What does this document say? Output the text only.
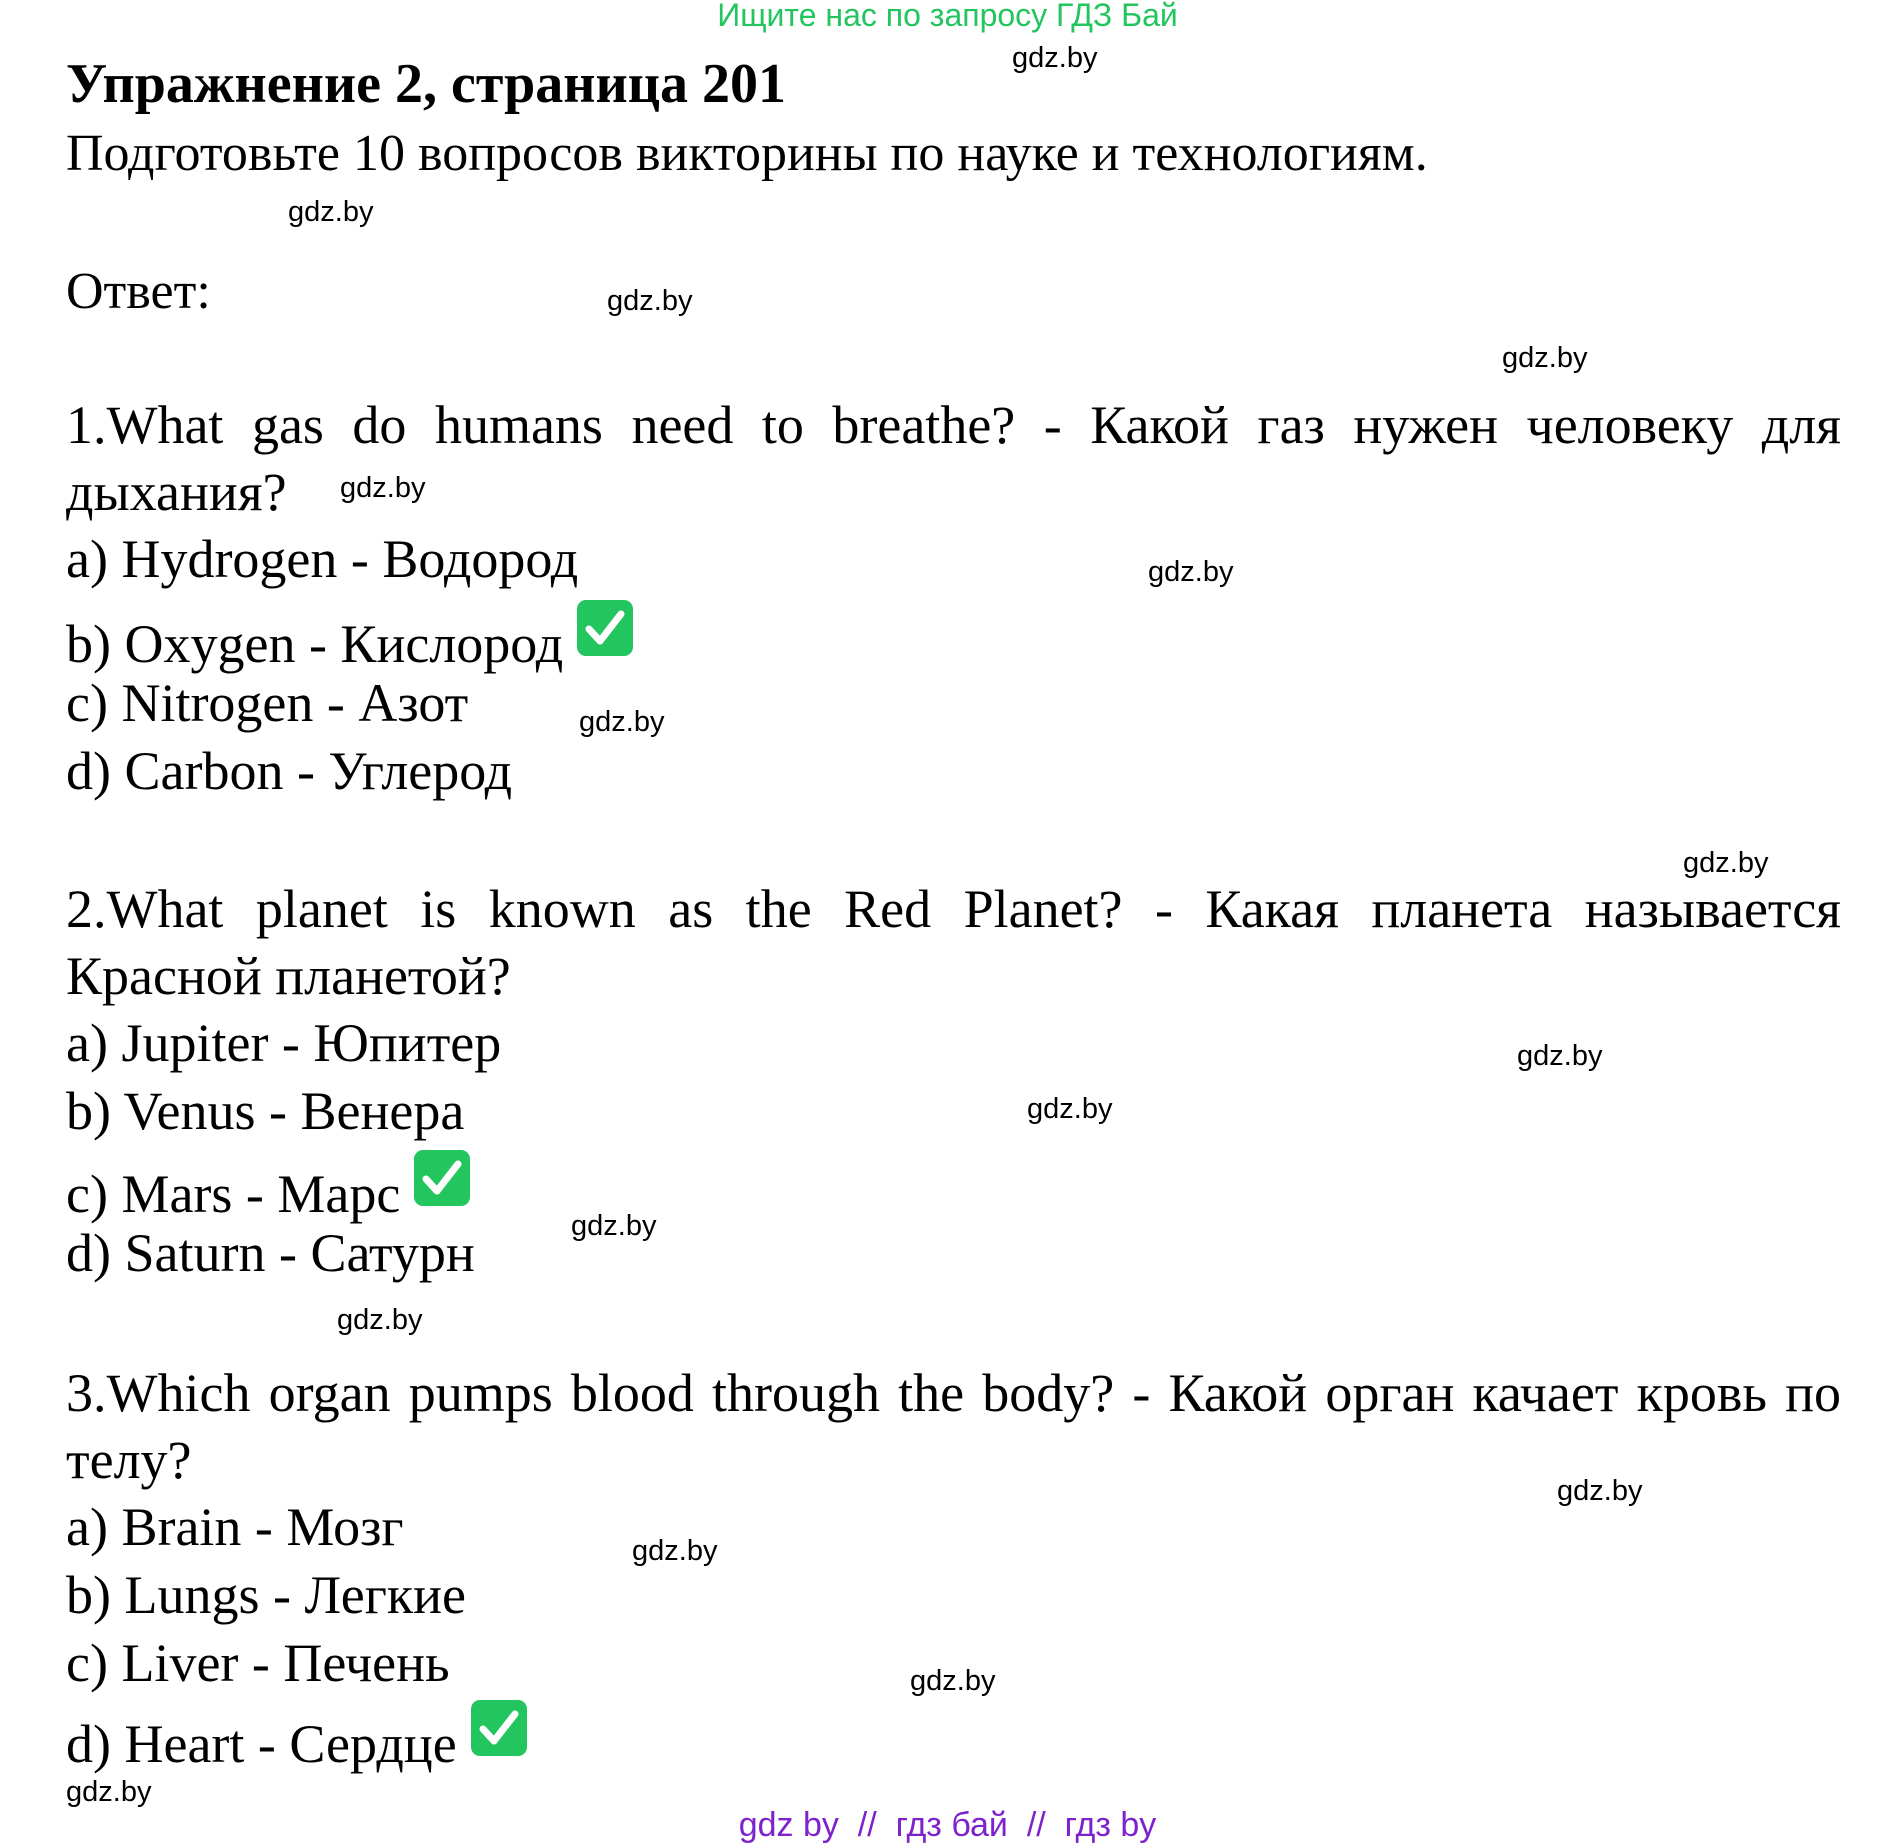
Ищите нас по запросу ГДЗ Бай
Упражнение 2, страница 201
Подготовьте 10 вопросов викторины по науке и технологиям.
Ответ:
1.What gas do humans need to breathe? - Какой газ нужен человеку для дыхания?
a) Hydrogen - Водород
b) Oxygen - Кислород
c) Nitrogen - Азот
d) Carbon - Углерод
2.What planet is known as the Red Planet? - Какая планета называется Красной планетой?
a) Jupiter - Юпитер
b) Venus - Венера
c) Mars - Марс
d) Saturn - Сатурн
3.Which organ pumps blood through the body? - Какой орган качает кровь по телу?
a) Brain - Мозг
b) Lungs - Легкие
c) Liver - Печень
d) Heart - Сердце
gdz.by
gdz.by
gdz.by
gdz.by
gdz.by
gdz.by
gdz.by
gdz.by
gdz.by
gdz.by
gdz.by
gdz.by
gdz.by
gdz.by
gdz.by
gdz.by
gdz by  //  гдз бай  //  гдз by
